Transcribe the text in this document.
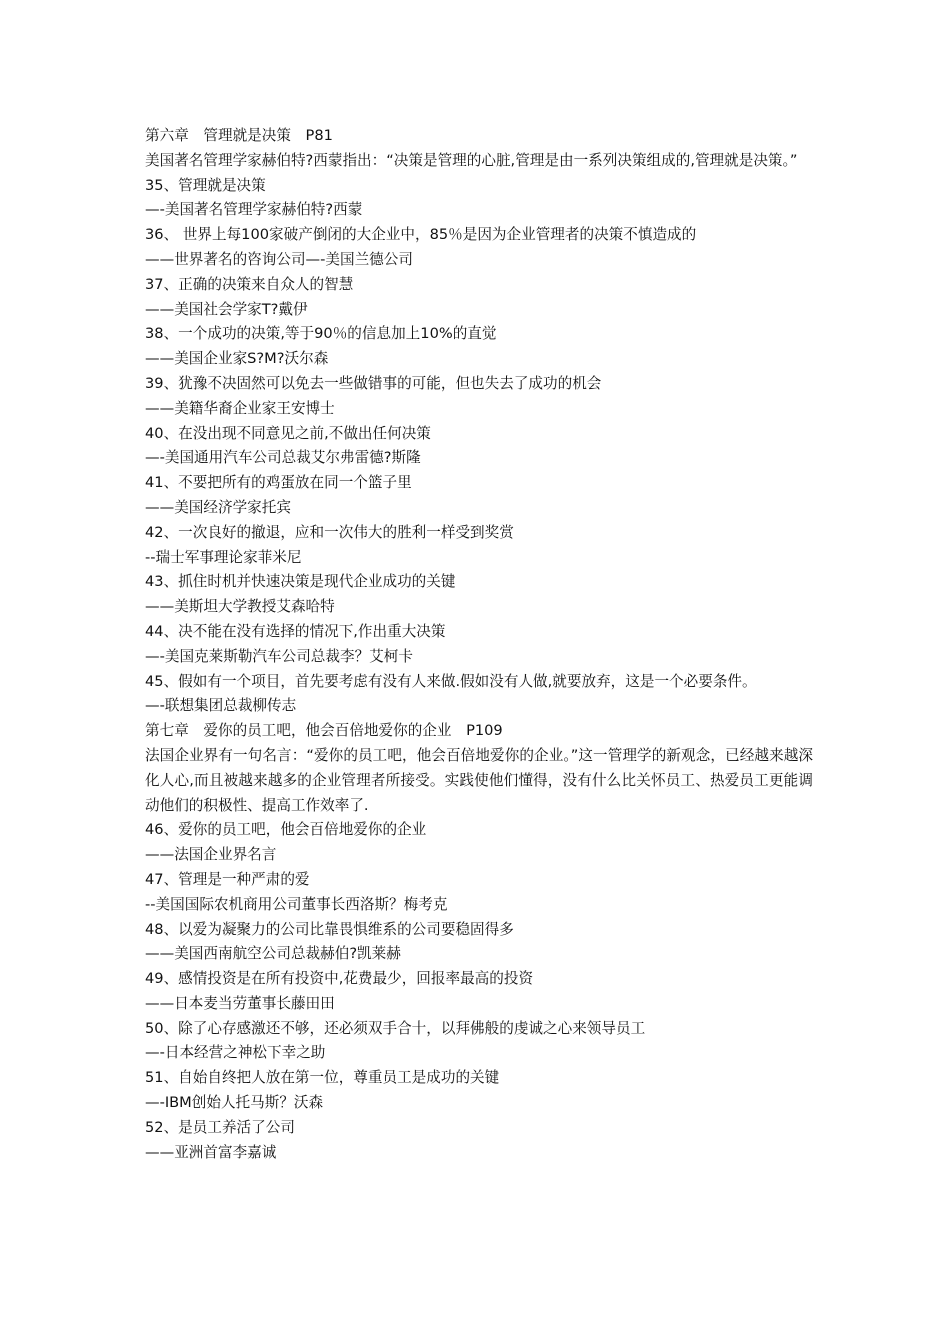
第六章　管理就是决策　P81

美国著名管理学家赫伯特?西蒙指出：“决策是管理的心脏,管理是由一系列决策组成的,管理就是决策。”

35、管理就是决策

—-美国著名管理学家赫伯特?西蒙

36、 世界上每100家破产倒闭的大企业中，85％是因为企业管理者的决策不慎造成的

——世界著名的咨询公司—-美国兰德公司

37、正确的决策来自众人的智慧

——美国社会学家T?戴伊

38、一个成功的决策,等于90％的信息加上10%的直觉

——美国企业家S?M?沃尔森

39、犹豫不决固然可以免去一些做错事的可能，但也失去了成功的机会

——美籍华裔企业家王安博士

40、在没出现不同意见之前,不做出任何决策

—-美国通用汽车公司总裁艾尔弗雷德?斯隆

41、不要把所有的鸡蛋放在同一个篮子里

——美国经济学家托宾

42、一次良好的撤退，应和一次伟大的胜利一样受到奖赏

--瑞士军事理论家菲米尼

43、抓住时机并快速决策是现代企业成功的关键

——美斯坦大学教授艾森哈特

44、决不能在没有选择的情况下,作出重大决策

—-美国克莱斯勒汽车公司总裁李？艾柯卡

45、假如有一个项目，首先要考虑有没有人来做.假如没有人做,就要放弃，这是一个必要条件。

—-联想集团总裁柳传志

第七章　爱你的员工吧，他会百倍地爱你的企业　P109

法国企业界有一句名言：“爱你的员工吧，他会百倍地爱你的企业。”这一管理学的新观念，已经越来越深化人心,而且被越来越多的企业管理者所接受。实践使他们懂得，没有什么比关怀员工、热爱员工更能调动他们的积极性、提高工作效率了.

46、爱你的员工吧，他会百倍地爱你的企业

——法国企业界名言

47、管理是一种严肃的爱

--美国国际农机商用公司董事长西洛斯？梅考克

48、以爱为凝聚力的公司比靠畏惧维系的公司要稳固得多

——美国西南航空公司总裁赫伯?凯莱赫

49、感情投资是在所有投资中,花费最少，回报率最高的投资

——日本麦当劳董事长藤田田

50、除了心存感激还不够，还必须双手合十，以拜佛般的虔诚之心来领导员工

—-日本经营之神松下幸之助

51、自始自终把人放在第一位，尊重员工是成功的关键

—-IBM创始人托马斯？沃森

52、是员工养活了公司

——亚洲首富李嘉诚
